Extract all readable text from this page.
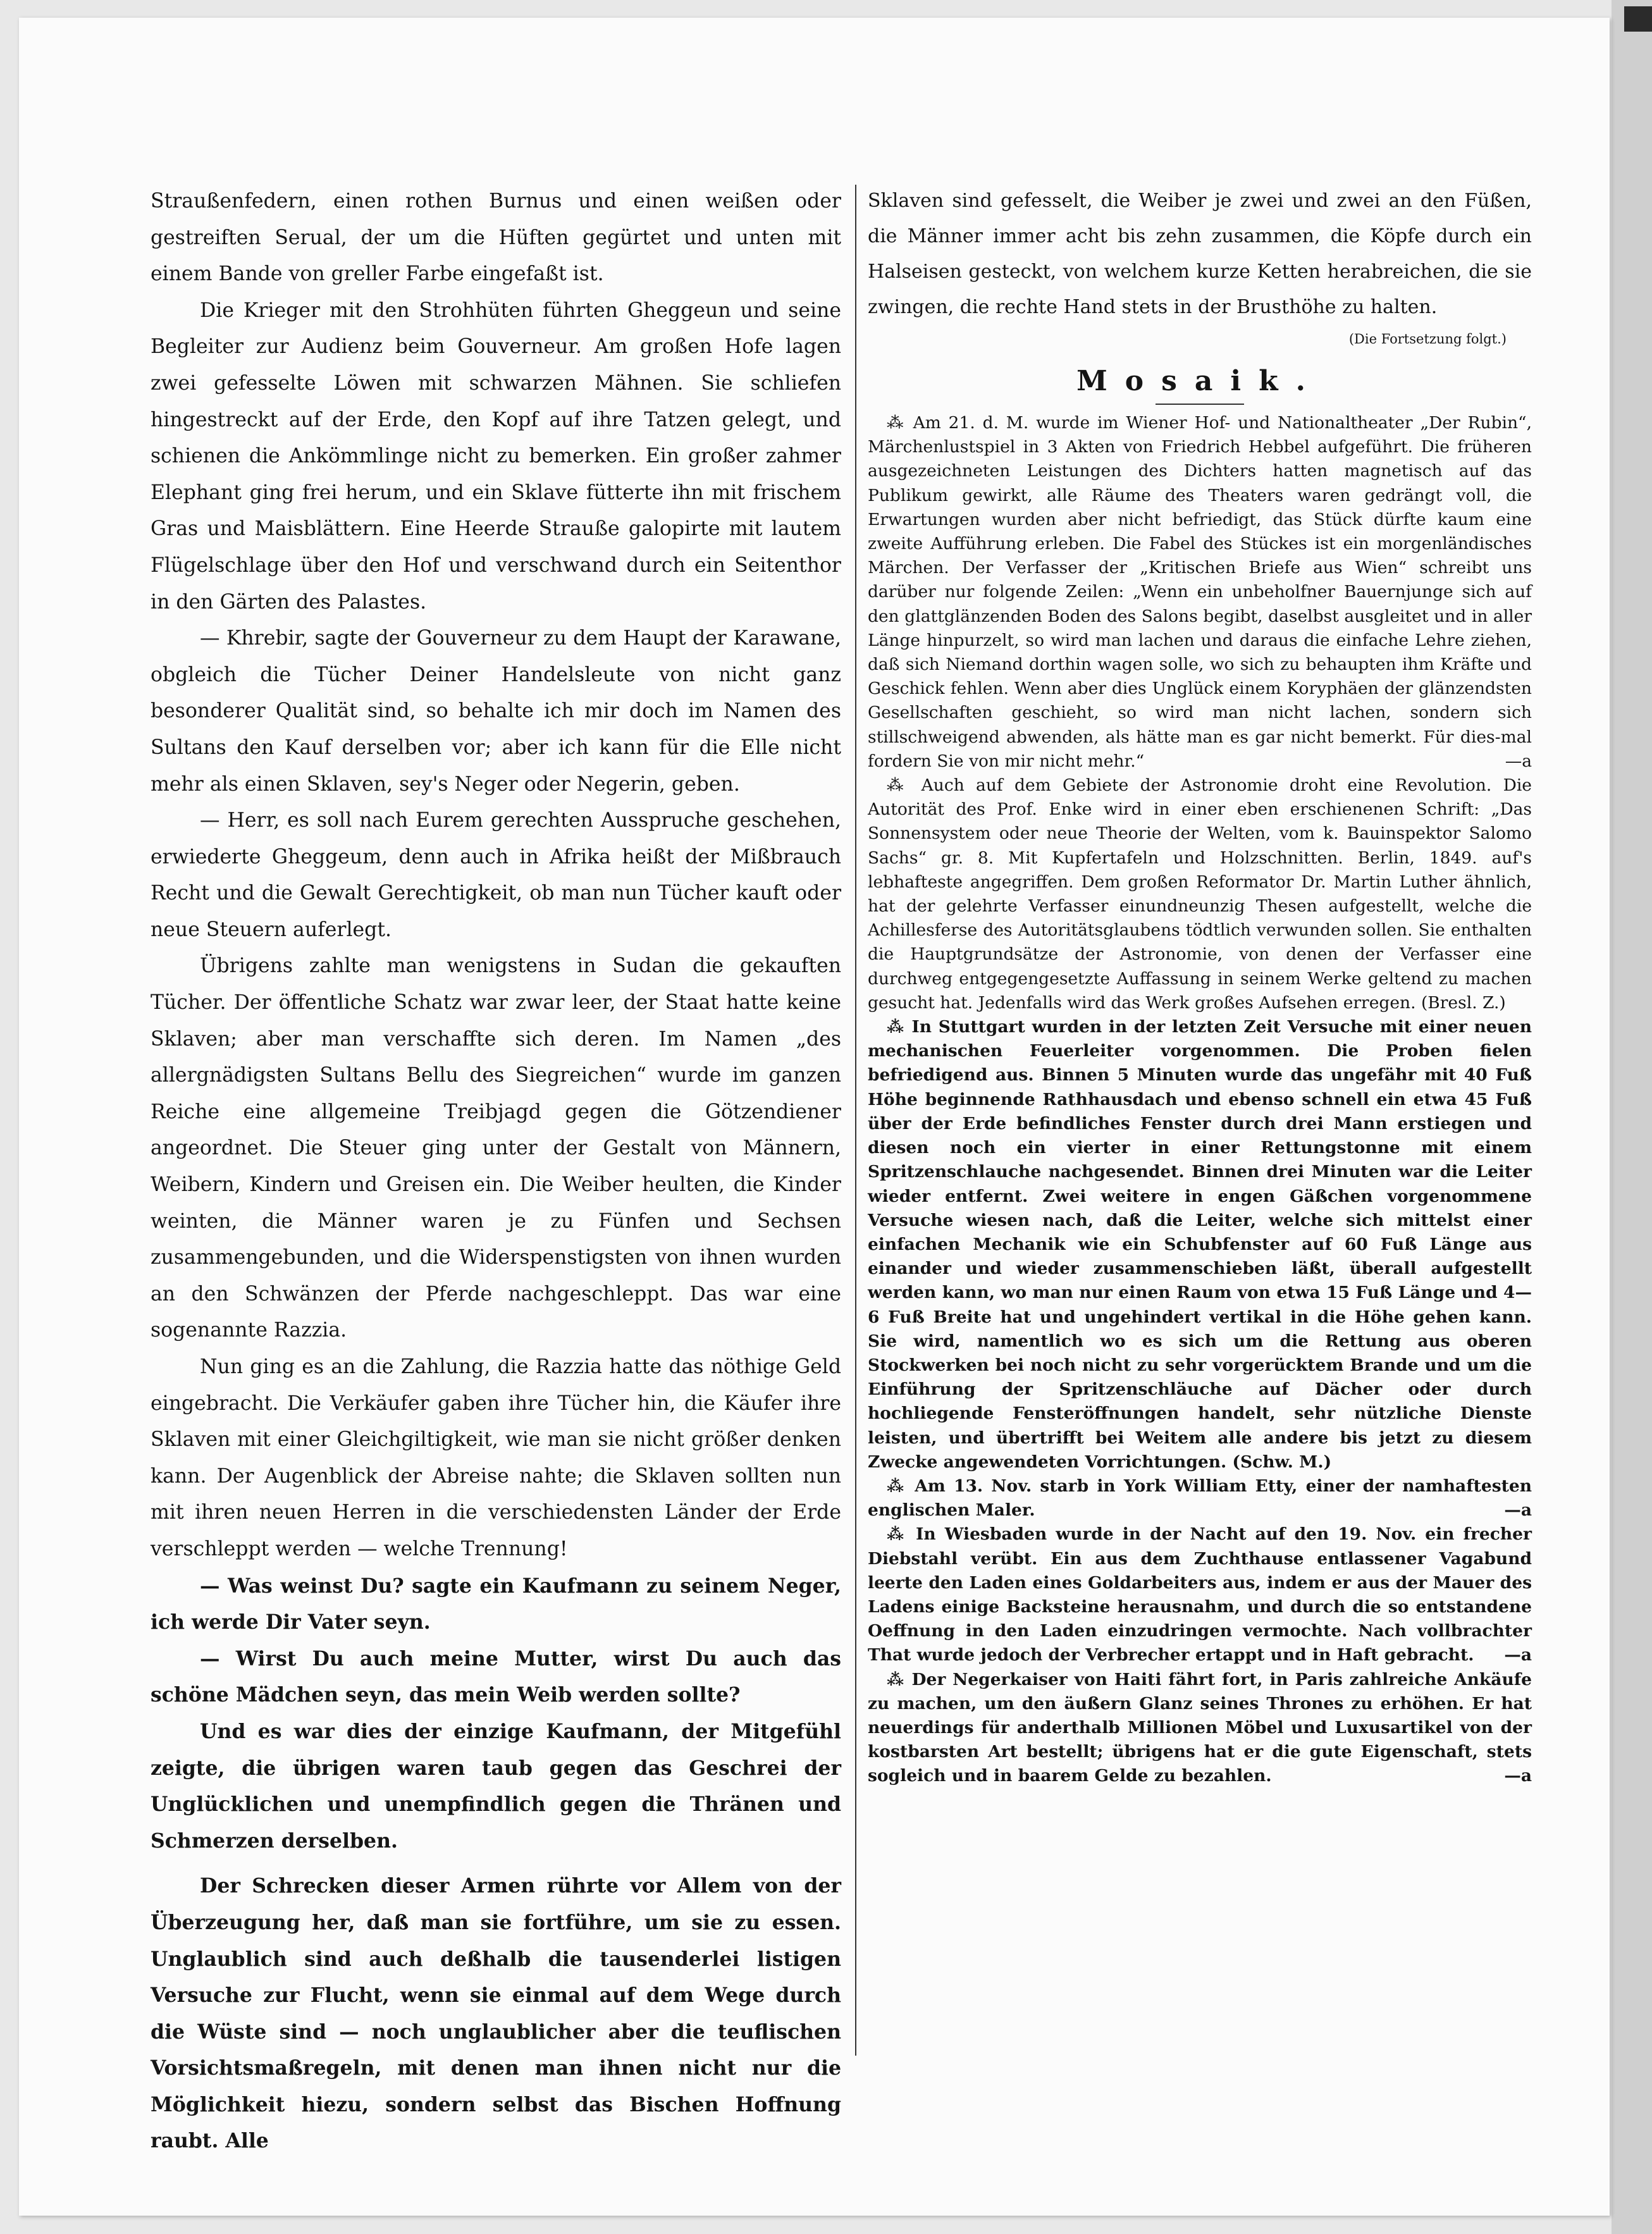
Straußenfedern, einen rothen Burnus und einen weißen oder gestreiften Serual, der um die Hüften gegürtet und unten mit einem Bande von greller Farbe eingefaßt ist.

Die Krieger mit den Strohhüten führten Gheggeun und seine Begleiter zur Audienz beim Gouverneur. Am großen Hofe lagen zwei gefesselte Löwen mit schwarzen Mähnen. Sie schliefen hingestreckt auf der Erde, den Kopf auf ihre Tatzen gelegt, und schienen die Ankömmlinge nicht zu bemerken. Ein großer zahmer Elephant ging frei herum, und ein Sklave fütterte ihn mit frischem Gras und Maisblättern. Eine Heerde Strauße galopirte mit lautem Flügelschlage über den Hof und verschwand durch ein Seitenthor in den Gärten des Palastes.

— Khrebir, sagte der Gouverneur zu dem Haupt der Karawane, obgleich die Tücher Deiner Handelsleute von nicht ganz besonderer Qualität sind, so behalte ich mir doch im Namen des Sultans den Kauf derselben vor; aber ich kann für die Elle nicht mehr als einen Sklaven, sey's Neger oder Negerin, geben.

— Herr, es soll nach Eurem gerechten Ausspruche geschehen, erwiederte Gheggeum, denn auch in Afrika heißt der Mißbrauch Recht und die Gewalt Gerechtigkeit, ob man nun Tücher kauft oder neue Steuern auferlegt.

Übrigens zahlte man wenigstens in Sudan die gekauften Tücher. Der öffentliche Schatz war zwar leer, der Staat hatte keine Sklaven; aber man verschaffte sich deren. Im Namen „des allergnädigsten Sultans Bellu des Siegreichen“ wurde im ganzen Reiche eine allgemeine Treibjagd gegen die Götzendiener angeordnet. Die Steuer ging unter der Gestalt von Männern, Weibern, Kindern und Greisen ein. Die Weiber heulten, die Kinder weinten, die Männer waren je zu Fünfen und Sechsen zusammengebunden, und die Widerspenstigsten von ihnen wurden an den Schwänzen der Pferde nachgeschleppt. Das war eine sogenannte Razzia.

Nun ging es an die Zahlung, die Razzia hatte das nöthige Geld eingebracht. Die Verkäufer gaben ihre Tücher hin, die Käufer ihre Sklaven mit einer Gleichgiltigkeit, wie man sie nicht größer denken kann. Der Augenblick der Abreise nahte; die Sklaven sollten nun mit ihren neuen Herren in die verschiedensten Länder der Erde verschleppt werden — welche Trennung!

— Was weinst Du? sagte ein Kaufmann zu seinem Neger, ich werde Dir Vater seyn.

— Wirst Du auch meine Mutter, wirst Du auch das schöne Mädchen seyn, das mein Weib werden sollte?

Und es war dies der einzige Kaufmann, der Mitgefühl zeigte, die übrigen waren taub gegen das Geschrei der Unglücklichen und unempfindlich gegen die Thränen und Schmerzen derselben.

Der Schrecken dieser Armen rührte vor Allem von der Überzeugung her, daß man sie fortführe, um sie zu essen. Unglaublich sind auch deßhalb die tausenderlei listigen Versuche zur Flucht, wenn sie einmal auf dem Wege durch die Wüste sind — noch unglaublicher aber die teuflischen Vorsichtsmaßregeln, mit denen man ihnen nicht nur die Möglichkeit hiezu, sondern selbst das Bischen Hoffnung raubt. Alle

Sklaven sind gefesselt, die Weiber je zwei und zwei an den Füßen, die Männer immer acht bis zehn zusammen, die Köpfe durch ein Halseisen gesteckt, von welchem kurze Ketten herabreichen, die sie zwingen, die rechte Hand stets in der Brusthöhe zu halten.

(Die Fortsetzung folgt.)
Mosaik.

⁂ Am 21. d. M. wurde im Wiener Hof- und Nationaltheater „Der Rubin“, Märchenlustspiel in 3 Akten von Friedrich Hebbel aufgeführt. Die früheren ausgezeichneten Leistungen des Dichters hatten magnetisch auf das Publikum gewirkt, alle Räume des Theaters waren gedrängt voll, die Erwartungen wurden aber nicht befriedigt, das Stück dürfte kaum eine zweite Aufführung erleben. Die Fabel des Stückes ist ein morgenländisches Märchen. Der Verfasser der „Kritischen Briefe aus Wien“ schreibt uns darüber nur folgende Zeilen: „Wenn ein unbeholfner Bauernjunge sich auf den glattglänzenden Boden des Salons begibt, daselbst ausgleitet und in aller Länge hinpurzelt, so wird man lachen und daraus die einfache Lehre ziehen, daß sich Niemand dorthin wagen solle, wo sich zu behaupten ihm Kräfte und Geschick fehlen. Wenn aber dies Unglück einem Koryphäen der glänzendsten Gesellschaften geschieht, so wird man nicht lachen, sondern sich stillschweigend abwenden, als hätte man es gar nicht bemerkt. Für dies-mal fordern Sie von mir nicht mehr.“	—a

⁂ Auch auf dem Gebiete der Astronomie droht eine Revolution. Die Autorität des Prof. Enke wird in einer eben erschienenen Schrift: „Das Sonnensystem oder neue Theorie der Welten, vom k. Bauinspektor Salomo Sachs“ gr. 8. Mit Kupfertafeln und Holzschnitten. Berlin, 1849. auf's lebhafteste angegriffen. Dem großen Reformator Dr. Martin Luther ähnlich, hat der gelehrte Verfasser einundneunzig Thesen aufgestellt, welche die Achillesferse des Autoritätsglaubens tödtlich verwunden sollen. Sie enthalten die Hauptgrundsätze der Astronomie, von denen der Verfasser eine durchweg entgegengesetzte Auffassung in seinem Werke geltend zu machen gesucht hat. Jedenfalls wird das Werk großes Aufsehen erregen. (Bresl. Z.)

⁂ In Stuttgart wurden in der letzten Zeit Versuche mit einer neuen mechanischen Feuerleiter vorgenommen. Die Proben fielen befriedigend aus. Binnen 5 Minuten wurde das ungefähr mit 40 Fuß Höhe beginnende Rathhausdach und ebenso schnell ein etwa 45 Fuß über der Erde befindliches Fenster durch drei Mann erstiegen und diesen noch ein vierter in einer Rettungstonne mit einem Spritzenschlauche nachgesendet. Binnen drei Minuten war die Leiter wieder entfernt. Zwei weitere in engen Gäßchen vorgenommene Versuche wiesen nach, daß die Leiter, welche sich mittelst einer einfachen Mechanik wie ein Schubfenster auf 60 Fuß Länge aus einander und wieder zusammenschieben läßt, überall aufgestellt werden kann, wo man nur einen Raum von etwa 15 Fuß Länge und 4—6 Fuß Breite hat und ungehindert vertikal in die Höhe gehen kann. Sie wird, namentlich wo es sich um die Rettung aus oberen Stockwerken bei noch nicht zu sehr vorgerücktem Brande und um die Einführung der Spritzenschläuche auf Dächer oder durch hochliegende Fensteröffnungen handelt, sehr nützliche Dienste leisten, und übertrifft bei Weitem alle andere bis jetzt zu diesem Zwecke angewendeten Vorrichtungen. (Schw. M.)

⁂ Am 13. Nov. starb in York William Etty, einer der namhaftesten englischen Maler.	—a

⁂ In Wiesbaden wurde in der Nacht auf den 19. Nov. ein frecher Diebstahl verübt. Ein aus dem Zuchthause entlassener Vagabund leerte den Laden eines Goldarbeiters aus, indem er aus der Mauer des Ladens einige Backsteine herausnahm, und durch die so entstandene Oeffnung in den Laden einzudringen vermochte. Nach vollbrachter That wurde jedoch der Verbrecher ertappt und in Haft gebracht.	—a

⁂ Der Negerkaiser von Haiti fährt fort, in Paris zahlreiche Ankäufe zu machen, um den äußern Glanz seines Thrones zu erhöhen. Er hat neuerdings für anderthalb Millionen Möbel und Luxusartikel von der kostbarsten Art bestellt; übrigens hat er die gute Eigenschaft, stets sogleich und in baarem Gelde zu bezahlen.	—a
